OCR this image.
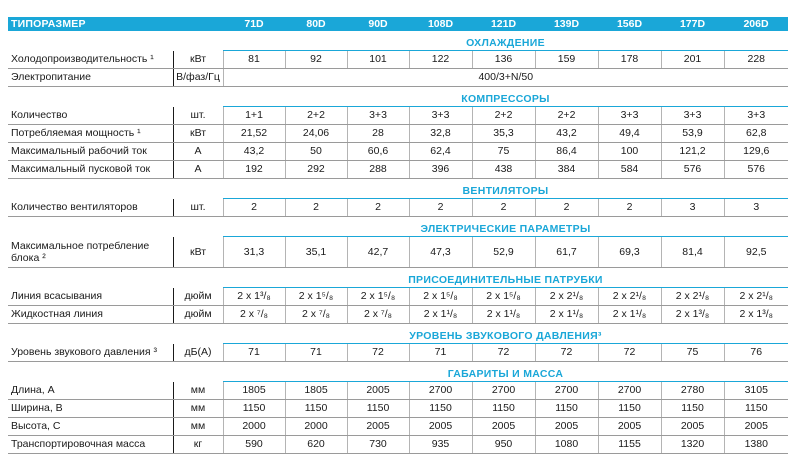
ТИПОРАЗМЕР		71D	80D	90D	108D	121D	139D	156D	177D	206D
		ОХЛАЖДЕНИЕ								
Холодопроизводительность ¹	кВт	81	92	101	122	136	159	178	201	228
Электропитание	В/фаз/Гц	400/3+N/50								
		КОМПРЕССОРЫ								
Количество	шт.	1+1	2+2	3+3	3+3	2+2	2+2	3+3	3+3	3+3
Потребляемая мощность ¹	кВт	21,52	24,06	28	32,8	35,3	43,2	49,4	53,9	62,8
Максимальный рабочий ток	А	43,2	50	60,6	62,4	75	86,4	100	121,2	129,6
Максимальный пусковой ток	А	192	292	288	396	438	384	584	576	576
		ВЕНТИЛЯТОРЫ								
Количество вентиляторов	шт.	2	2	2	2	2	2	2	3	3
		ЭЛЕКТРИЧЕСКИЕ ПАРАМЕТРЫ								
Максимальное потребление блока ²	кВт	31,3	35,1	42,7	47,3	52,9	61,7	69,3	81,4	92,5
		ПРИСОЕДИНИТЕЛЬНЫЕ ПАТРУБКИ								
Линия всасывания	дюйм	2 x 1³/₈	2 x 1⁵/₈	2 x 1⁵/₈	2 x 1⁵/₈	2 x 1⁵/₈	2 x 2¹/₈	2 x 2¹/₈	2 x 2¹/₈	2 x 2¹/₈
Жидкостная линия	дюйм	2 x ⁷/₈	2 x ⁷/₈	2 x ⁷/₈	2 x 1¹/₈	2 x 1¹/₈	2 x 1¹/₈	2 x 1¹/₈	2 x 1³/₈	2 x 1³/₈
		УРОВЕНЬ ЗВУКОВОГО ДАВЛЕНИЯ³								
Уровень звукового давления ³	дБ(А)	71	71	72	71	72	72	72	75	76
		ГАБАРИТЫ И МАССА								
Длина, А	мм	1805	1805	2005	2700	2700	2700	2700	2780	3105
Ширина, В	мм	1150	1150	1150	1150	1150	1150	1150	1150	1150
Высота, С	мм	2000	2000	2005	2005	2005	2005	2005	2005	2005
Транспортировочная масса	кг	590	620	730	935	950	1080	1155	1320	1380
